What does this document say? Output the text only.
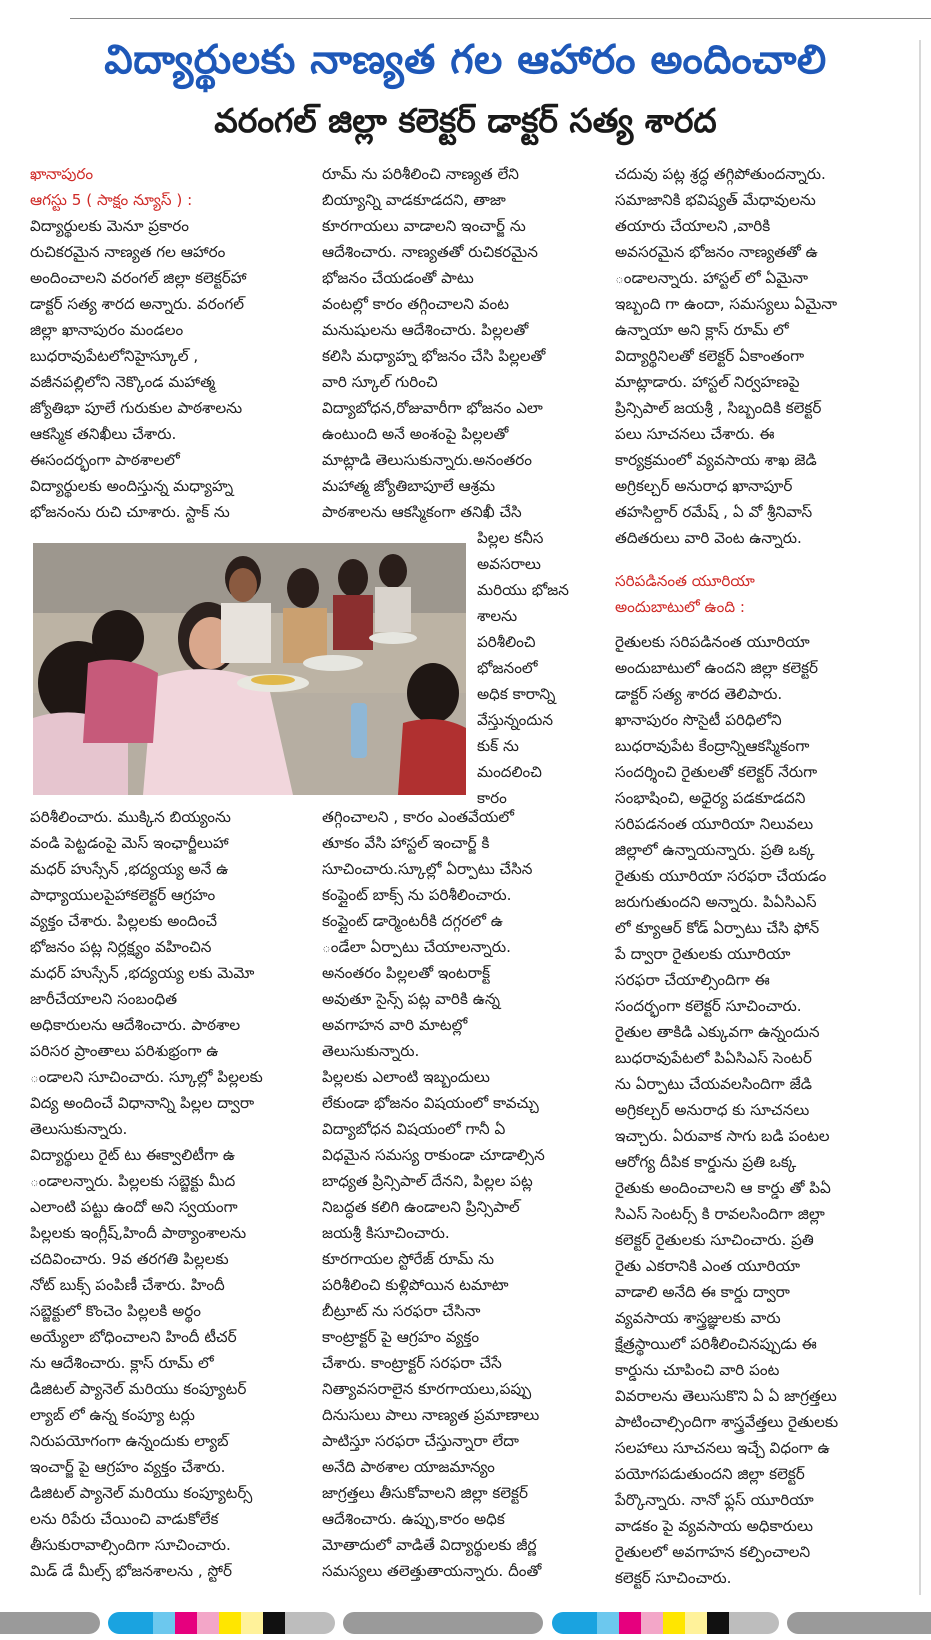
విద్యార్థులకు నాణ్యత గల ఆహారం అందించాలి
వరంగల్ జిల్లా కలెక్టర్ డాక్టర్ సత్య శారద

ఖానాపురం

ఆగస్టు 5 ( సాక్షం న్యూస్ ) :

విద్యార్థులకు మెనూ ప్రకారం

రుచికరమైన నాణ్యత గల ఆహారం

అందించాలని వరంగల్ జిల్లా కలెక్టర్‌హా

డాక్టర్ సత్య శారద అన్నారు. వరంగల్

జిల్లా ఖానాపురం మండలం

బుధరావుపేటలోనిహైస్కూల్ ,

వజీనపల్లిలోని నెక్కొండ మహాత్మ

జ్యోతిభా పూలే గురుకుల పాఠశాలను

ఆకస్మిక తనిఖీలు చేశారు.

ఈసందర్భంగా పాఠశాలలో

విద్యార్థులకు అందిస్తున్న మధ్యాహ్న

భోజనంను రుచి చూశారు. స్టాక్ ను

పరిశీలించారు. ముక్కిన బియ్యంను

వండి పెట్టడంపై మెస్ ఇంఛార్జీలుహా

మధర్ హుస్సేన్ ,భద్యయ్య అనే ఉ

పాధ్యాయులపైహాకలెక్టర్ ఆగ్రహం

వ్యక్తం చేశారు. పిల్లలకు అందించే

భోజనం పట్ల నిర్లక్ష్యం వహించిన

మధర్ హుస్సేన్ ,భద్యయ్య లకు మెమో

జారీచేయాలని సంబంధిత

అధికారులను ఆదేశించారు. పాఠశాల

పరిసర ప్రాంతాలు పరిశుభ్రంగా ఉ

ండాలని సూచించారు. స్కూల్లో పిల్లలకు

విద్య అందించే విధానాన్ని పిల్లల ద్వారా

తెలుసుకున్నారు.

విద్యార్థులు రైట్ టు ఈక్వాలిటీగా ఉ

ండాలన్నారు. పిల్లలకు సబ్జెక్టు మీద

ఎలాంటి పట్టు ఉందో అని స్వయంగా

పిల్లలకు ఇంగ్లీష్,హిందీ పాఠ్యాంశాలను

చదివించారు. 9వ తరగతి పిల్లలకు

నోట్ బుక్స్ పంపిణీ చేశారు. హిందీ

సబ్జెక్టులో కొంచెం పిల్లలకి అర్థం

అయ్యేలా బోధించాలని హిందీ టీచర్

ను ఆదేశించారు. క్లాస్ రూమ్ లో

డిజిటల్ ప్యానెల్ మరియు కంప్యూటర్

ల్యాబ్ లో ఉన్న కంప్యూ టర్లు

నిరుపయోగంగా ఉన్నందుకు ల్యాబ్

ఇంచార్జ్ పై ఆగ్రహం వ్యక్తం చేశారు.

డిజిటల్ ప్యానెల్ మరియు కంప్యూటర్స్

లను రిపేరు చేయించి వాడుకోలేక

తీసుకురావాల్సిందిగా సూచించారు.

మిడ్ డే మీల్స్ భోజనశాలను , స్టోర్

రూమ్ ను పరిశీలించి నాణ్యత లేని

బియ్యాన్ని వాడకూడదని, తాజా

కూరగాయలు వాడాలని ఇంచార్జ్ ను

ఆదేశించారు. నాణ్యతతో రుచికరమైన

భోజనం చేయడంతో పాటు

వంటల్లో కారం తగ్గించాలని వంట

మనుషులను ఆదేశించారు. పిల్లలతో

కలిసి మధ్యాహ్న భోజనం చేసి పిల్లలతో

వారి స్కూల్ గురించి

విద్యాబోధన,రోజువారీగా భోజనం ఎలా

ఉంటుంది అనే అంశంపై పిల్లలతో

మాట్లాడి తెలుసుకున్నారు.అనంతరం

మహాత్మ జ్యోతిబాపూలే ఆశ్రమ

పాఠశాలను ఆకస్మికంగా తనిఖీ చేసి

పిల్లల కనీస

అవసరాలు

మరియు భోజన

శాలను

పరిశీలించి

భోజనంలో

అధిక కారాన్ని

వేస్తున్నందున

కుక్ ను

మందలించి

కారం

తగ్గించాలని , కారం ఎంతవేయలో

తూకం వేసి హాస్టల్ ఇంచార్జ్ కి

సూచించారు.స్కూల్లో ఏర్పాటు చేసిన

కంప్లైంట్ బాక్స్ ను పరిశీలించారు.

కంప్లైంట్ డార్మెంటరీకి దగ్గరలో ఉ

ండేలా ఏర్పాటు చేయాలన్నారు.

అనంతరం పిల్లలతో ఇంటరాక్ట్

అవుతూ సైన్స్ పట్ల వారికి ఉన్న

అవగాహన వారి మాటల్లో

తెలుసుకున్నారు.

పిల్లలకు ఎలాంటి ఇబ్బందులు

లేకుండా భోజనం విషయంలో కావచ్చు

విద్యాబోధన విషయంలో గానీ ఏ

విధమైన సమస్య రాకుండా చూడాల్సిన

బాధ్యత ప్రిన్సిపాల్ దేనని, పిల్లల పట్ల

నిబద్ధత కలిగి ఉండాలని ప్రిన్సిపాల్

జయశ్రీ కిసూచించారు.

కూరగాయల స్టోరేజ్ రూమ్ ను

పరిశీలించి కుళ్లిపోయిన టమాటా

బీట్రూట్ ను సరఫరా చేసినా

కాంట్రాక్టర్ పై ఆగ్రహం వ్యక్తం

చేశారు. కాంట్రాక్టర్ సరఫరా చేసే

నిత్యావసరాలైన కూరగాయలు,పప్పు

దినుసులు పాలు నాణ్యత ప్రమాణాలు

పాటిస్తూ సరఫరా చేస్తున్నారా లేదా

అనేది పాఠశాల యాజమాన్యం

జాగ్రత్తలు తీసుకోవాలని జిల్లా కలెక్టర్

ఆదేశించారు. ఉప్పు,కారం అధిక

మోతాదులో వాడితే విద్యార్థులకు జీర్ణ

సమస్యలు తలెత్తుతాయన్నారు. దీంతో

చదువు పట్ల శ్రద్ధ తగ్గిపోతుందన్నారు.

సమాజానికి భవిష్యత్ మేధావులను

తయారు చేయాలని ,వారికి

అవసరమైన భోజనం నాణ్యతతో ఉ

ండాలన్నారు. హాస్టల్ లో ఏమైనా

ఇబ్బంది గా ఉందా, సమస్యలు ఏమైనా

ఉన్నాయా అని క్లాస్ రూమ్ లో

విద్యార్థినిలతో కలెక్టర్ ఏకాంతంగా

మాట్లాడారు. హాస్టల్ నిర్వహణపై

ప్రిన్సిపాల్ జయశ్రీ , సిబ్బందికి కలెక్టర్

పలు సూచనలు చేశారు. ఈ

కార్యక్రమంలో వ్యవసాయ శాఖ జెడి

అగ్రికల్చర్ అనురాధ ఖానాపూర్

తహసిల్దార్ రమేష్ , ఏ వో శ్రీనివాస్

తదితరులు వారి వెంట ఉన్నారు.

సరిపడినంత యూరియా

అందుబాటులో ఉంది :

రైతులకు సరిపడినంత యూరియా

అందుబాటులో ఉందని జిల్లా కలెక్టర్

డాక్టర్ సత్య శారద తెలిపారు.

ఖానాపురం సొసైటీ పరిధిలోని

బుధరావుపేట కేంద్రాన్నిఆకస్మికంగా

సందర్శించి రైతులతో కలెక్టర్ నేరుగా

సంభాషించి, అధైర్య పడకూడదని

సరిపడనంత యూరియా నిలువలు

జిల్లాలో ఉన్నాయన్నారు. ప్రతి ఒక్క

రైతుకు యూరియా సరఫరా చేయడం

జరుగుతుందని అన్నారు. పిఏసిఎస్

లో క్యూఆర్ కోడ్ ఏర్పాటు చేసి ఫోన్

పే ద్వారా రైతులకు యూరియా

సరఫరా చేయాల్సిందిగా ఈ

సందర్భంగా కలెక్టర్ సూచించారు.

రైతుల తాకిడి ఎక్కువగా ఉన్నందున

బుధరావుపేటలో పిఏసిఎస్ సెంటర్

ను ఏర్పాటు చేయవలసిందిగా జేడి

అగ్రికల్చర్ అనురాధ కు సూచనలు

ఇచ్చారు. ఏరువాక సాగు బడి పంటల

ఆరోగ్య దీపిక కార్డును ప్రతి ఒక్క

రైతుకు అందించాలని ఆ కార్డు తో పిఏ

సిఎస్ సెంటర్స్ కి రావలసిందిగా జిల్లా

కలెక్టర్ రైతులకు సూచించారు. ప్రతి

రైతు ఎకరానికి ఎంత యూరియా

వాడాలి అనేది ఈ కార్డు ద్వారా

వ్యవసాయ శాస్త్రజ్ఞులకు వారు

క్షేత్రస్థాయిలో పరిశీలించినప్పుడు ఈ

కార్డును చూపించి వారి పంట

వివరాలను తెలుసుకొని ఏ ఏ జాగ్రత్తలు

పాటించాల్సిందిగా శాస్త్రవేత్తలు రైతులకు

సలహాలు సూచనలు ఇచ్చే విధంగా ఉ

పయోగపడుతుందని జిల్లా కలెక్టర్

పేర్కొన్నారు. నానో ఫ్లస్ యూరియా

వాడకం పై వ్యవసాయ అధికారులు

రైతులలో అవగాహన కల్పించాలని

కలెక్టర్ సూచించారు.
